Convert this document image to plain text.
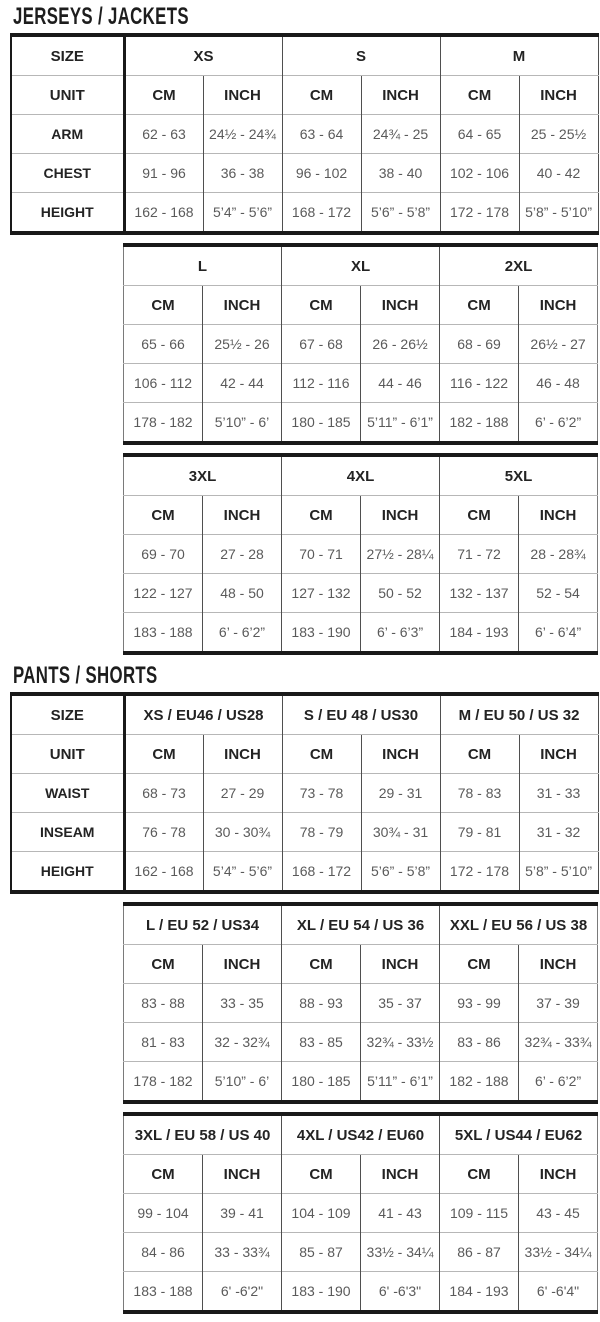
JERSEYS / JACKETS
SIZE	XS		S		M	
UNIT	CM	INCH	CM	INCH	CM	INCH
ARM	62 - 63	24½ - 24¾	63 - 64	24¾ - 25	64 - 65	25 - 25½
CHEST	91 - 96	36 - 38	96 - 102	38 - 40	102 - 106	40 - 42
HEIGHT	162 - 168	5’4” - 5’6”	168 - 172	5’6” - 5’8”	172 - 178	5’8” - 5’10”
L		XL		2XL	
CM	INCH	CM	INCH	CM	INCH
65 - 66	25½ - 26	67 - 68	26 - 26½	68 - 69	26½ - 27
106 - 112	42 - 44	112 - 116	44 - 46	116 - 122	46 - 48
178 - 182	5’10” - 6’	180 - 185	5’11” - 6’1”	182 - 188	6’ - 6’2”
3XL		4XL		5XL	
CM	INCH	CM	INCH	CM	INCH
69 - 70	27 - 28	70 - 71	27½ - 28¼	71 - 72	28 - 28¾
122 - 127	48 - 50	127 - 132	50 - 52	132 - 137	52 - 54
183 - 188	6’ - 6’2”	183 - 190	6’ - 6’3”	184 - 193	6’ - 6’4”
PANTS / SHORTS
SIZE	XS / EU46 / US28		S / EU 48 / US30		M / EU 50 / US 32	
UNIT	CM	INCH	CM	INCH	CM	INCH
WAIST	68 - 73	27 - 29	73 - 78	29 - 31	78 - 83	31 - 33
INSEAM	76 - 78	30 - 30¾	78 - 79	30¾ - 31	79 - 81	31 - 32
HEIGHT	162 - 168	5’4” - 5’6”	168 - 172	5’6” - 5’8”	172 - 178	5’8” - 5’10”
L / EU 52 / US34		XL / EU 54 / US 36		XXL / EU 56 / US 38	
CM	INCH	CM	INCH	CM	INCH
83 - 88	33 - 35	88 - 93	35 - 37	93 - 99	37 - 39
81 - 83	32 - 32¾	83 - 85	32¾ - 33½	83 - 86	32¾ - 33¾
178 - 182	5’10” - 6’	180 - 185	5’11” - 6’1”	182 - 188	6’ - 6’2”
3XL / EU 58 / US 40		4XL / US42 / EU60		5XL / US44 / EU62	
CM	INCH	CM	INCH	CM	INCH
99 - 104	39 - 41	104 - 109	41 - 43	109 - 115	43 - 45
84 - 86	33 - 33¾	85 - 87	33½ - 34¼	86 - 87	33½ - 34¼
183 - 188	6' -6'2"	183 - 190	6' -6'3"	184 - 193	6' -6'4"
